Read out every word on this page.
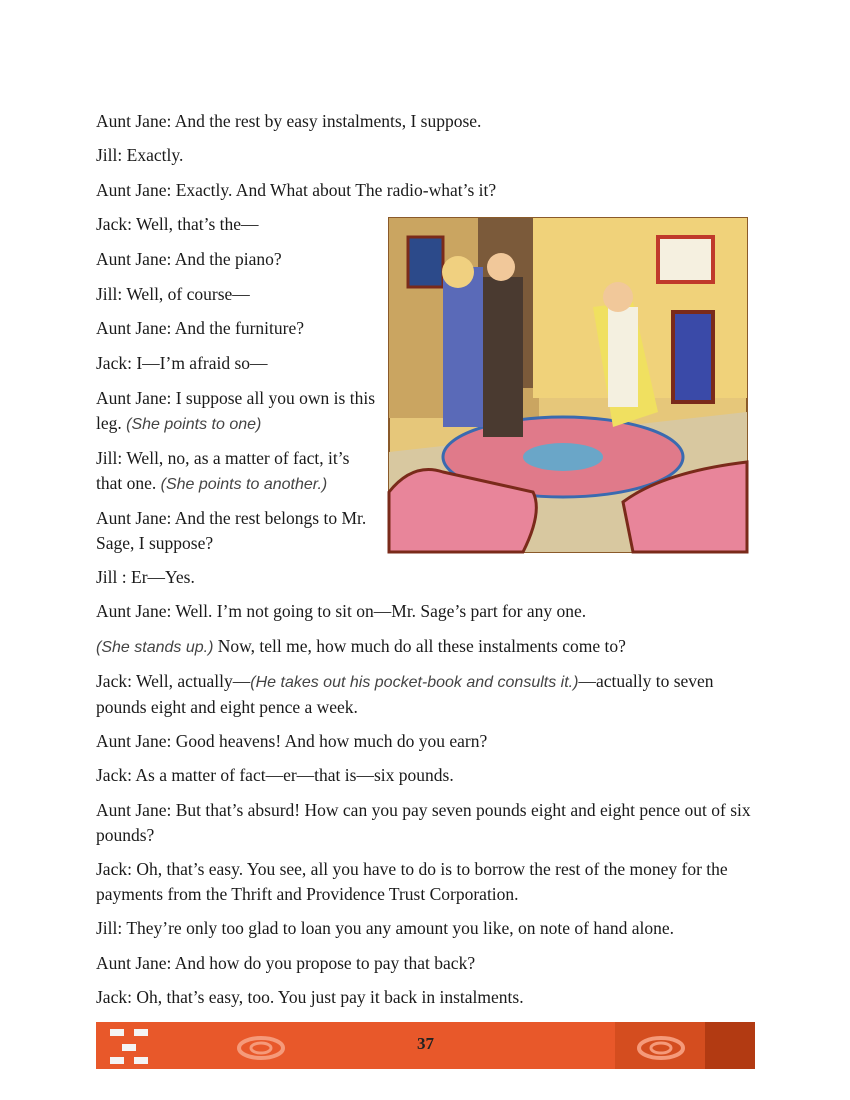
Aunt Jane: And the rest by easy instalments, I suppose.

Jill: Exactly.

Aunt Jane: Exactly. And What about The radio-what’s it?

Jack: Well, that’s the—

Aunt Jane: And the piano?

Jill: Well, of course—

Aunt Jane: And the furniture?

Jack: I—I’m afraid so—

Aunt Jane: I suppose all you own is this leg. (She points to one)

Jill: Well, no, as a matter of fact, it’s that one. (She points to another.)

Aunt Jane: And the rest belongs to Mr.  Sage, I suppose?

Jill : Er—Yes.

Aunt Jane: Well. I’m not going to sit on—Mr. Sage’s part for any one.

(She stands up.) Now, tell me, how much do all these instalments come to?

Jack: Well, actually—(He takes out his pocket-book and consults it.)—actually to seven pounds eight and eight pence a week.

Aunt Jane: Good heavens! And how much do you earn?

Jack: As a matter of fact—er—that is—six pounds.

Aunt Jane: But that’s absurd! How can you pay seven pounds eight and eight pence out of six pounds?

Jack: Oh, that’s easy. You see, all you have to do is to borrow the rest of the money for the payments from the Thrift and Providence Trust Corporation.

Jill: They’re only too glad to loan you any amount you like, on note of hand alone.

Aunt Jane: And how do you propose to pay that back?

Jack: Oh, that’s easy, too. You just pay it back in instalments.

37
